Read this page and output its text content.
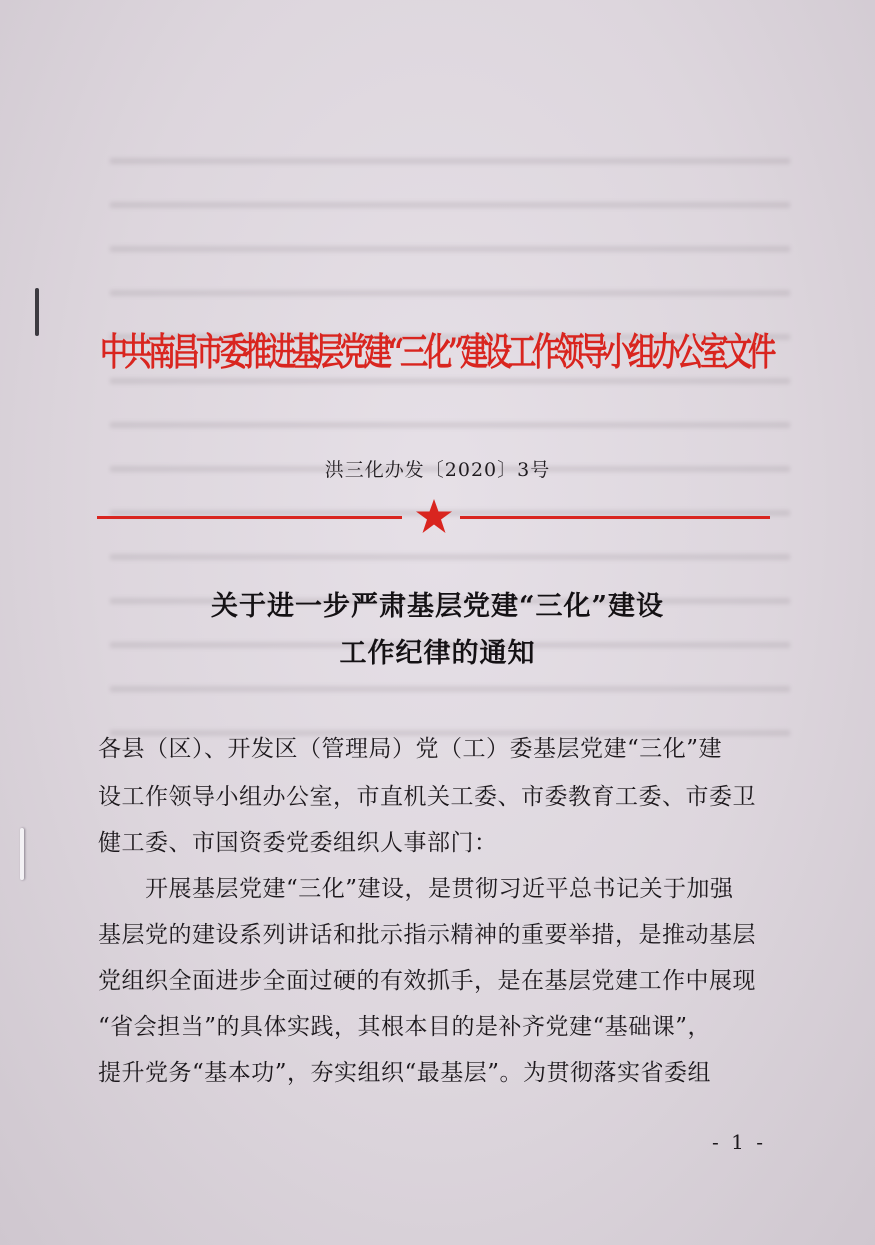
中共南昌市委推进基层党建“三化”建设工作领导小组办公室文件
洪三化办发〔2020〕3号
关于进一步严肃基层党建“三化”建设
工作纪律的通知
各县（区）、开发区（管理局）党（工）委基层党建“三化”建
设工作领导小组办公室，市直机关工委、市委教育工委、市委卫
健工委、市国资委党委组织人事部门：
　　开展基层党建“三化”建设，是贯彻习近平总书记关于加强
基层党的建设系列讲话和批示指示精神的重要举措，是推动基层
党组织全面进步全面过硬的有效抓手，是在基层党建工作中展现
“省会担当”的具体实践，其根本目的是补齐党建“基础课”，
提升党务“基本功”，夯实组织“最基层”。为贯彻落实省委组
- 1 -
